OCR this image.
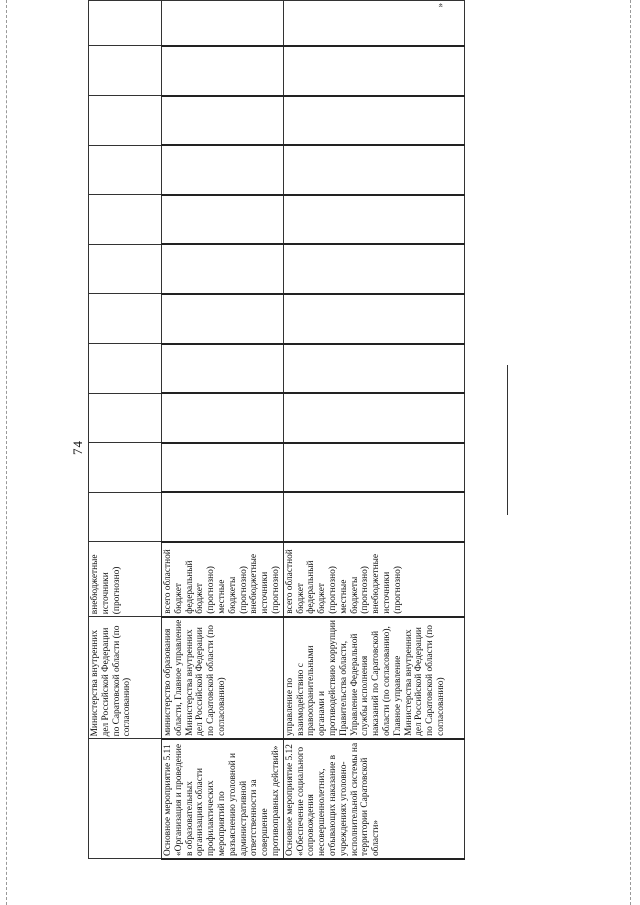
74
	Министерства внутренних дел Российской Федерации по Саратовской области (по согласованию)	внебюджетные источники (прогнозно)											
Основное мероприятие 5.11 «Организация и проведение в образовательных организациях области профилактических мероприятий по разъяснению уголовной и административной ответственности за совершение противоправных действий»	министерство образования области, Главное управление Министерства внутренних дел Российской Федерации по Саратовской области (по согласованию)	всего областной бюджет федеральный бюджет (прогнозно) местные бюджеты (прогнозно) внебюджетные источники (прогнозно)											
Основное мероприятие 5.12 «Обеспечение социального сопровождения несовершеннолетних, отбывающих наказание в учреждениях уголовно-исполнительной системы на территории Саратовской области»	управление по взаимодействию с правоохранительными органами и противодействию коррупции Правительства области, Управление Федеральной службы исполнения наказаний по Саратовской области (по согласованию), Главное управление Министерства внутренних дел Российской Федерации по Саратовской области (по согласованию)	всего областной бюджет федеральный бюджет (прогнозно) местные бюджеты (прогнозно) внебюджетные источники (прогнозно)											»
